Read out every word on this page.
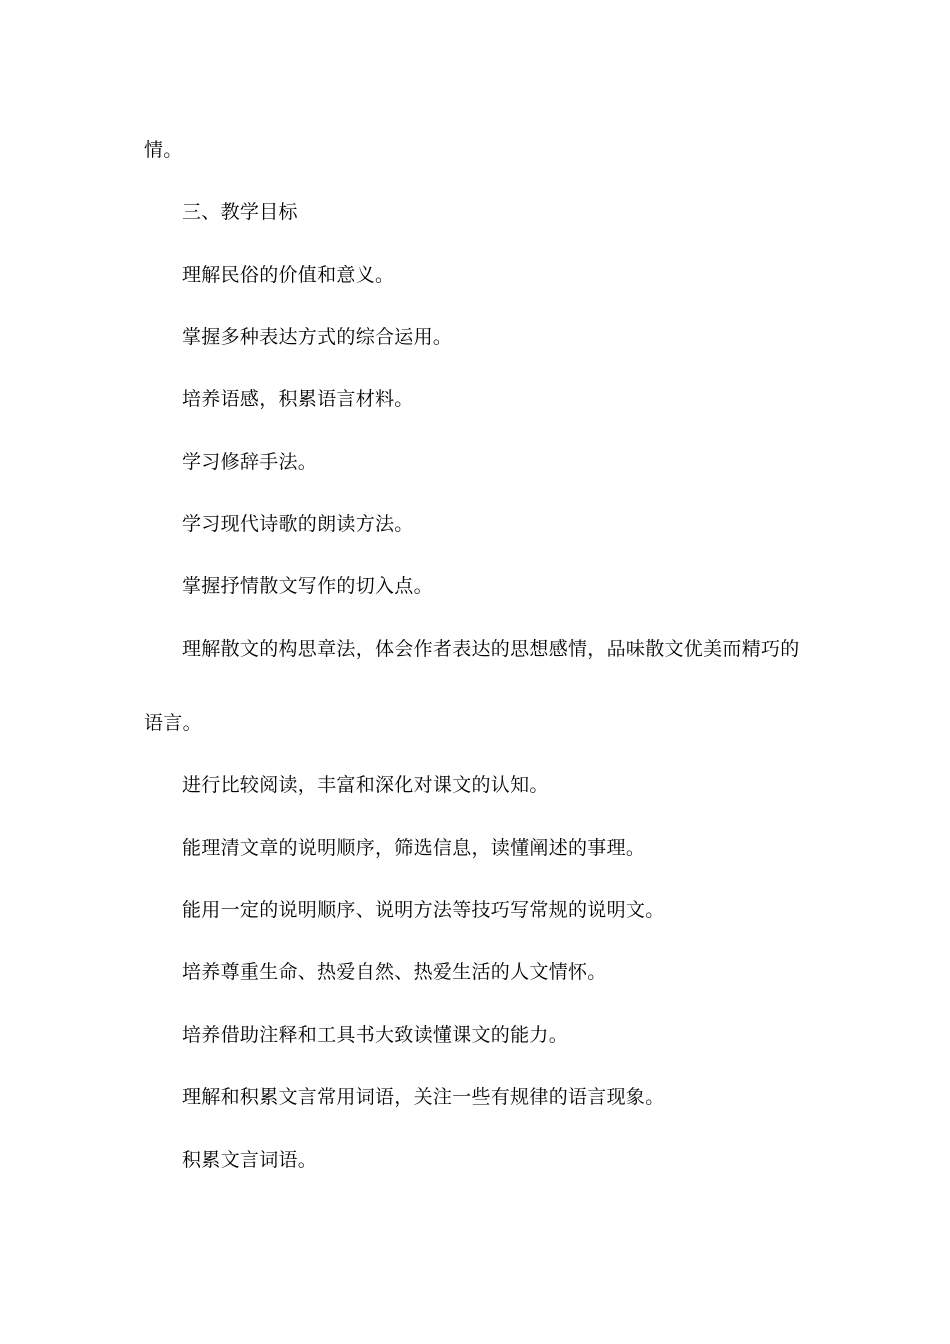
情。
三、教学目标
理解民俗的价值和意义。
掌握多种表达方式的综合运用。
培养语感，积累语言材料。
学习修辞手法。
学习现代诗歌的朗读方法。
掌握抒情散文写作的切入点。
理解散文的构思章法，体会作者表达的思想感情，品味散文优美而精巧的
语言。
进行比较阅读，丰富和深化对课文的认知。
能理清文章的说明顺序，筛选信息，读懂阐述的事理。
能用一定的说明顺序、说明方法等技巧写常规的说明文。
培养尊重生命、热爱自然、热爱生活的人文情怀。
培养借助注释和工具书大致读懂课文的能力。
理解和积累文言常用词语，关注一些有规律的语言现象。
积累文言词语。
